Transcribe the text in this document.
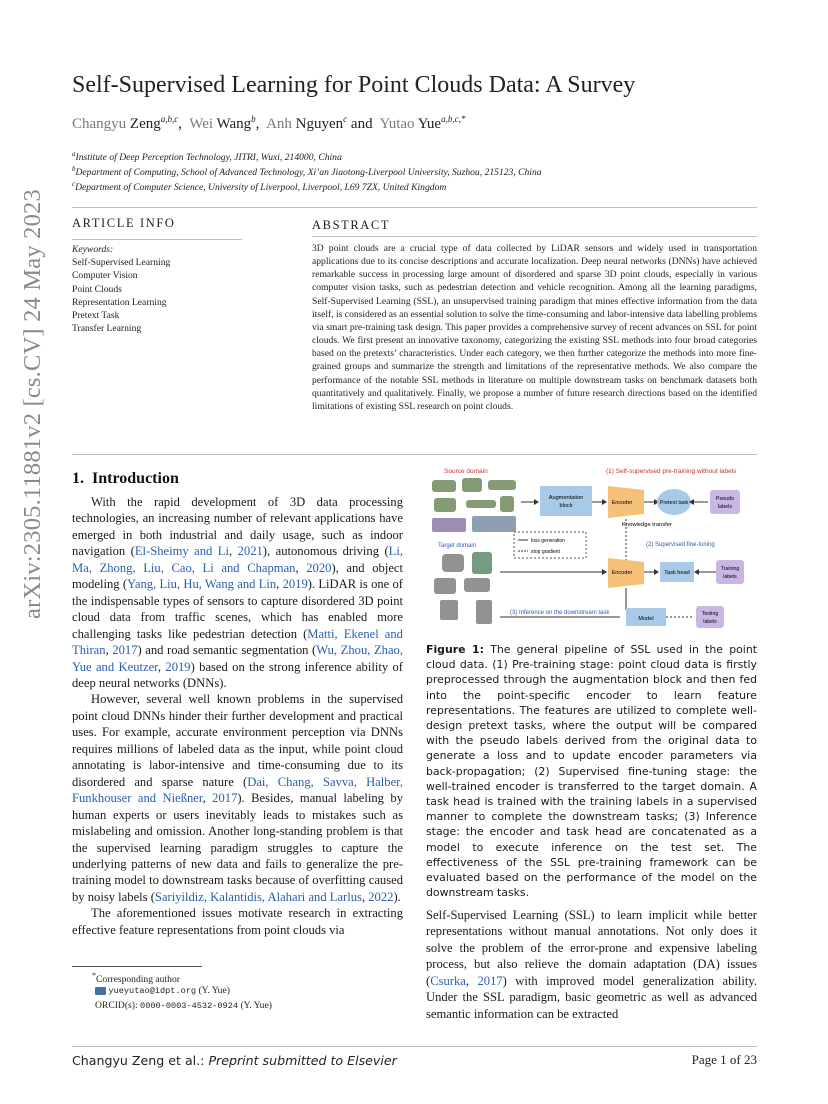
arXiv:2305.11881v2 [cs.CV] 24 May 2023
Self-Supervised Learning for Point Clouds Data: A Survey
Changyu Zeng$^{a,b,c}$, Wei Wang$^b$, Anh Nguyen$^c$ and Yutao Yue$^{a,b,c,*}$
$^a$Institute of Deep Perception Technology, JITRI, Wuxi, 214000, China
$^b$Department of Computing, School of Advanced Technology, Xi’an Jiaotong-Liverpool University, Suzhou, 215123, China
$^c$Department of Computer Science, University of Liverpool, Liverpool, L69 7ZX, United Kingdom
ARTICLE INFO
Keywords:
Self-Supervised Learning
Computer Vision
Point Clouds
Representation Learning
Pretext Task
Transfer Learning
ABSTRACT
3D point clouds are a crucial type of data collected by LiDAR sensors and widely used in transportation applications due to its concise descriptions and accurate localization. Deep neural networks (DNNs) have achieved remarkable success in processing large amount of disordered and sparse 3D point clouds, especially in various computer vision tasks, such as pedestrian detection and vehicle recognition. Among all the learning paradigms, Self-Supervised Learning (SSL), an unsupervised training paradigm that mines effective information from the data itself, is considered as an essential solution to solve the time-consuming and labor-intensive data labelling problems via smart pre-training task design. This paper provides a comprehensive survey of recent advances on SSL for point clouds. We first present an innovative taxonomy, categorizing the existing SSL methods into four broad categories based on the pretexts’ characteristics. Under each category, we then further categorize the methods into more fine-grained groups and summarize the strength and limitations of the representative methods. We also compare the performance of the notable SSL methods in literature on multiple downstream tasks on benchmark datasets both quantitatively and qualitatively. Finally, we propose a number of future research directions based on the identified limitations of existing SSL research on point clouds.
1. Introduction

With the rapid development of 3D data processing technologies, an increasing number of relevant applications have emerged in both industrial and daily usage, such as indoor navigation (El-Sheimy and Li, 2021), autonomous driving (Li, Ma, Zhong, Liu, Cao, Li and Chapman, 2020), and object modeling (Yang, Liu, Hu, Wang and Lin, 2019). LiDAR is one of the indispensable types of sensors to capture disordered 3D point cloud data from traffic scenes, which has enabled more challenging tasks like pedestrian detection (Matti, Ekenel and Thiran, 2017) and road semantic segmentation (Wu, Zhou, Zhao, Yue and Keutzer, 2019) based on the strong inference ability of deep neural networks (DNNs).

However, several well known problems in the supervised point cloud DNNs hinder their further development and practical uses. For example, accurate environment perception via DNNs requires millions of labeled data as the input, while point cloud annotating is labor-intensive and time-consuming due to its disordered and sparse nature (Dai, Chang, Savva, Halber, Funkhouser and Nießner, 2017). Besides, manual labeling by human experts or users inevitably leads to mistakes such as mislabeling and omission. Another long-standing problem is that the supervised learning paradigm struggles to capture the underlying patterns of new data and fails to generalize the pre-training model to downstream tasks because of overfitting caused by noisy labels (Sariyildiz, Kalantidis, Alahari and Larlus, 2022).

The aforementioned issues motivate research in extracting effective feature representations from point clouds via

*Corresponding author
yueyutao@idpt.org (Y. Yue)
ORCID(s): 0000-0003-4532-0924 (Y. Yue)
Source domain	(1) Self-supervised pre-training without labels
Augmentation
block	Encoder	Pretext task
Pseudo
labels
Knowledge transfer
loss generation
stop gradient
Target domain	(2) Supervised fine-tuning
Encoder	Task head
Training
labels
(3) Inference on the downstream task
Model
Testing
labels
Figure 1: The general pipeline of SSL used in the point cloud data. (1) Pre-training stage: point cloud data is firstly preprocessed through the augmentation block and then fed into the point-specific encoder to learn feature representations. The features are utilized to complete well-design pretext tasks, where the output will be compared with the pseudo labels derived from the original data to generate a loss and to update encoder parameters via back-propagation; (2) Supervised fine-tuning stage: the well-trained encoder is transferred to the target domain. A task head is trained with the training labels in a supervised manner to complete the downstream tasks; (3) Inference stage: the encoder and task head are concatenated as a model to execute inference on the test set. The effectiveness of the SSL pre-training framework can be evaluated based on the performance of the model on the downstream tasks.

Self-Supervised Learning (SSL) to learn implicit while better representations without manual annotations. Not only does it solve the problem of the error-prone and expensive labeling process, but also relieve the domain adaptation (DA) issues (Csurka, 2017) with improved model generalization ability. Under the SSL paradigm, basic geometric as well as advanced semantic information can be extracted

Changyu Zeng et al.: Preprint submitted to Elsevier	Page 1 of 23
